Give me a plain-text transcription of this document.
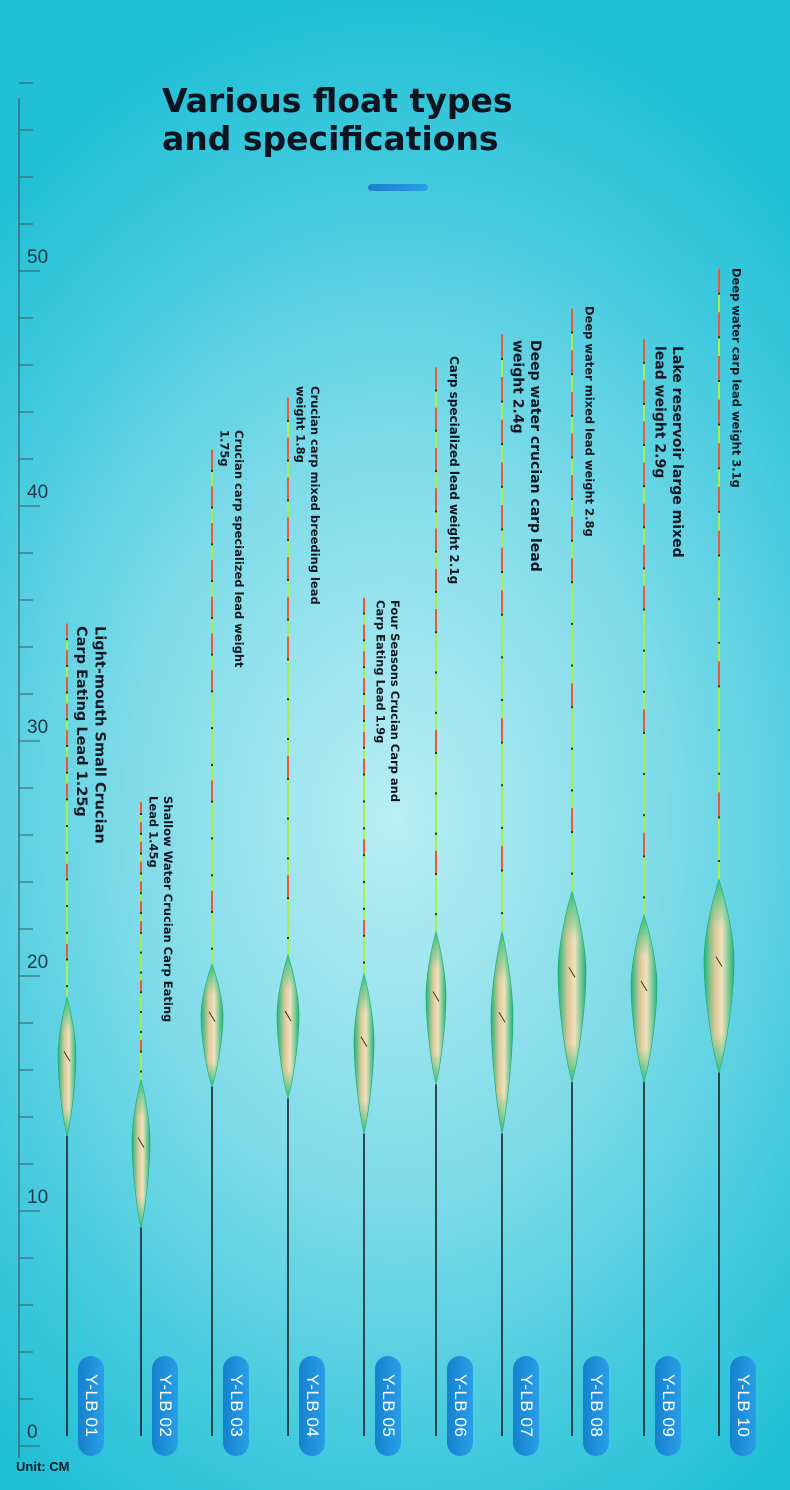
Various float types and specifications
0
10
20
30
40
50
Unit: CM
Light-mouth Small Crucian Carp Eating Lead 1.25g
Shallow Water Crucian Carp Eating Lead 1.45g
Crucian carp specialized lead weight 1.75g	Crucian carp mixed breeding lead weight 1.8g
Four Seasons Crucian Carp and Carp Eating Lead 1.9g
Carp specialized lead weight 2.1g	Deep water crucian carp lead weight 2.4g	Deep water mixed lead weight 2.8g	Lake reservoir large mixed lead weight 2.9g	Deep water carp lead weight 3.1g
Y-LB 01	Y-LB 02	Y-LB 03	Y-LB 04	Y-LB 05	Y-LB 06	Y-LB 07	Y-LB 08	Y-LB 09	Y-LB 10
